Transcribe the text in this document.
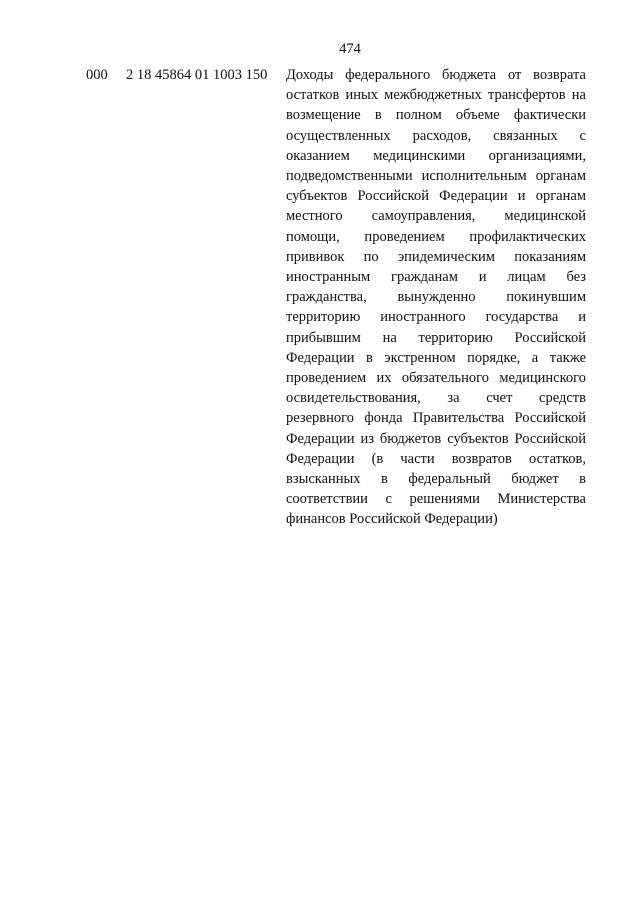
474
000 2 18 45864 01 1003 150 Доходы федерального бюджета от возврата остатков иных межбюджетных трансфертов на возмещение в полном объеме фактически осуществленных расходов, связанных с оказанием медицинскими организациями, подведомственными исполнительным органам субъектов Российской Федерации и органам местного самоуправления, медицинской помощи, проведением профилактических прививок по эпидемическим показаниям иностранным гражданам и лицам без гражданства, вынужденно покинувшим территорию иностранного государства и прибывшим на территорию Российской Федерации в экстренном порядке, а также проведением их обязательного медицинского освидетельствования, за счет средств резервного фонда Правительства Российской Федерации из бюджетов субъектов Российской Федерации (в части возвратов остатков, взысканных в федеральный бюджет в соответствии с решениями Министерства финансов Российской Федерации)
